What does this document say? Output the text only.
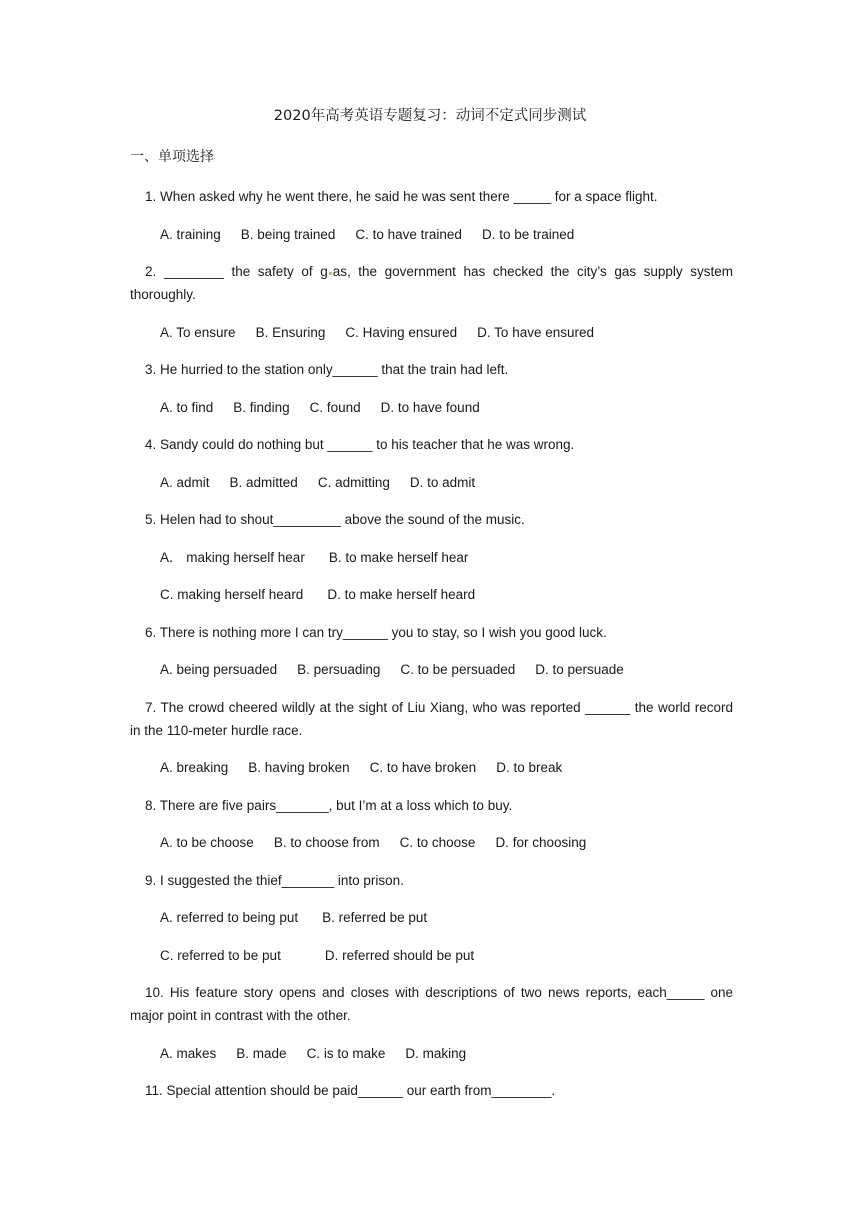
2020年高考英语专题复习：动词不定式同步测试
一、单项选择

1. When asked why he went there, he said he was sent there _____ for a space flight.

A. training B. being trained C. to have trained D. to be trained

2. ________ the safety of g as, the government has checked the city’s gas supply system thoroughly.

A. To ensure B. Ensuring C. Having ensured D. To have ensured

3. He hurried to the station only______ that the train had left.

A. to find B. finding C. found D. to have found

4. Sandy could do nothing but ______ to his teacher that he was wrong.

A. admit B. admitted C. admitting D. to admit

5. Helen had to shout_________ above the sound of the music.

A． making herself hear B. to make herself hear
C. making herself heard D. to make herself heard

6. There is nothing more I can try______ you to stay, so I wish you good luck.

A. being persuaded B. persuading C. to be persuaded D. to persuade

7. The crowd cheered wildly at the sight of Liu Xiang, who was reported ______ the world record in the 110-meter hurdle race.

A. breaking B. having broken C. to have broken D. to break

8. There are five pairs_______, but I’m at a loss which to buy.

A. to be choose B. to choose from C. to choose D. for choosing

9. I suggested the thief_______ into prison.

A. referred to being put B. referred be put
C. referred to be put	D. referred should be put

10. His feature story opens and closes with descriptions of two news reports, each_____ one major point in contrast with the other.

A. makes B. made C. is to make D. making

11. Special attention should be paid______ our earth from________.
